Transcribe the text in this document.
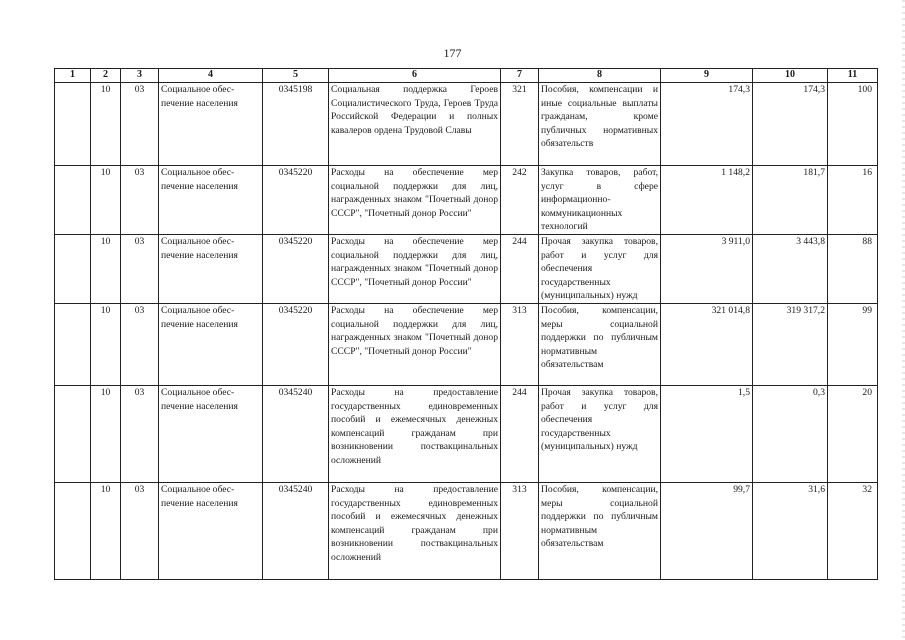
177
1	2	3	4	5	6	7	8	9	10	11
	10	03	Социальное обес-печение населения	0345198	Социальная поддержка Героев Социалистического Труда, Героев Труда Российской Федерации и полных кавалеров ордена Трудовой Славы	321	Пособия, компенсации и иные социальные выплаты гражданам, кроме публичных нормативных обязательств	174,3	174,3	100
	10	03	Социальное обес-печение населения	0345220	Расходы на обеспечение мер социальной поддержки для лиц, награжденных знаком "Почетный донор СССР", "Почетный донор России"	242	Закупка товаров, работ, услуг в сфере информационно-коммуникационных технологий	1 148,2	181,7	16
	10	03	Социальное обес-печение населения	0345220	Расходы на обеспечение мер социальной поддержки для лиц, награжденных знаком "Почетный донор СССР", "Почетный донор России"	244	Прочая закупка товаров, работ и услуг для обеспечения государственных (муниципальных) нужд	3 911,0	3 443,8	88
	10	03	Социальное обес-печение населения	0345220	Расходы на обеспечение мер социальной поддержки для лиц, награжденных знаком "Почетный донор СССР", "Почетный донор России"	313	Пособия, компенсации, меры социальной поддержки по публичным нормативным обязательствам	321 014,8	319 317,2	99
	10	03	Социальное обес-печение населения	0345240	Расходы на предоставление государственных единовременных пособий и ежемесячных денежных компенсаций гражданам при возникновении поствакцинальных осложнений	244	Прочая закупка товаров, работ и услуг для обеспечения государственных (муниципальных) нужд	1,5	0,3	20
	10	03	Социальное обес-печение населения	0345240	Расходы на предоставление государственных единовременных пособий и ежемесячных денежных компенсаций гражданам при возникновении поствакцинальных осложнений	313	Пособия, компенсации, меры социальной поддержки по публичным нормативным обязательствам	99,7	31,6	32
